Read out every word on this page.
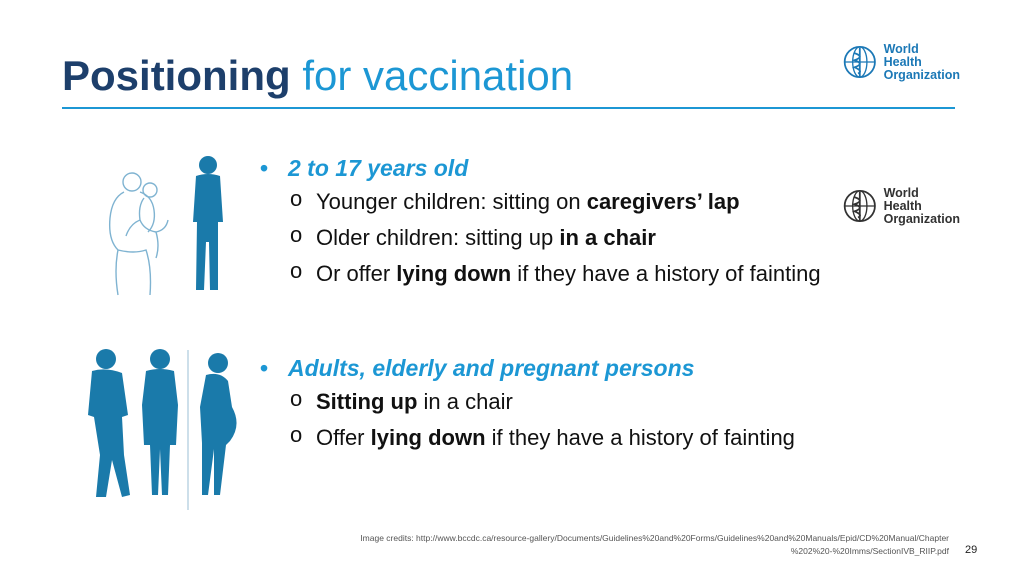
Positioning for vaccination
World Health
Organization
World Health
Organization
• 2 to 17 years old
o Younger children: sitting on caregivers’ lap
o Older children: sitting up in a chair
o Or offer lying down if they have a history of fainting
• Adults, elderly and pregnant persons
o Sitting up in a chair
o Offer lying down if they have a history of fainting
Image credits: http://www.bccdc.ca/resource-gallery/Documents/Guidelines%20and%20Forms/Guidelines%20and%20Manuals/Epid/CD%20Manual/Chapter
%202%20-%20Imms/SectionIVB_RIIP.pdf 29
